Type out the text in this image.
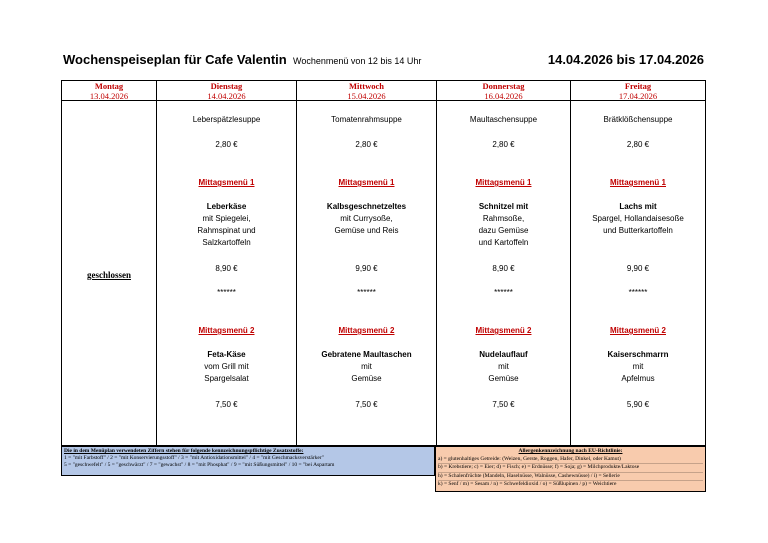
Wochenspeiseplan für Cafe Valentin Wochenmenü von 12 bis 14 Uhr	14.04.2026 bis 17.04.2026
Montag
13.04.2026
geschlossen
Dienstag
14.04.2026
Leberspätzlesuppe
2,80 €
Mittagsmenü 1
Leberkäse
mit Spiegelei,
Rahmspinat und
Salzkartoffeln
8,90 €
******
Mittagsmenü 2
Feta-Käse
vom Grill mit
Spargelsalat
7,50 €
Mittwoch
15.04.2026
Tomatenrahmsuppe
2,80 €
Mittagsmenü 1
Kalbsgeschnetzeltes
mit Currysoße,
Gemüse und Reis
9,90 €
******
Mittagsmenü 2
Gebratene Maultaschen
mit
Gemüse
7,50 €
Donnerstag
16.04.2026
Maultaschensuppe
2,80 €
Mittagsmenü 1
Schnitzel mit
Rahmsoße,
dazu Gemüse
und Kartoffeln
8,90 €
******
Mittagsmenü 2
Nudelauflauf
mit
Gemüse
7,50 €
Freitag
17.04.2026
Brätklößchensuppe
2,80 €
Mittagsmenü 1
Lachs mit
Spargel, Hollandaisesoße
und Butterkartoffeln
9,90 €
******
Mittagsmenü 2
Kaiserschmarrn
mit
Apfelmus
5,90 €
Die in dem Menüplan verwendeten Ziffern stehen für folgende kennzeichnungspflichtige Zusatzstoffe:
1 = "mit Farbstoff" / 2 = "mit Konservierungsstoff" / 3 = "mit Antioxidationsmittel" / 4 = "mit Geschmacksverstärker"
5 = "geschwefelt" / 5 = "geschwärzt" / 7 = "gewachst" / 8 = "mit Phosphat" / 9 = "mit Süßungsmittel" / 10 = "bei Aspartam
Allergenkennzeichnung nach EU-Richtlinie:
a) = glutenhaltiges Getreide: (Weizen, Gerste, Roggen, Hafer, Dinkel, oder Kamut)
b) = Krebstiere; c) = Eier; d) = Fisch; e) = Erdnüsse; f) = Soja; g) = Milchprodukte/Laktose
h) = Schalenfrüchte (Mandeln, Haselnüsse, Walnüsse, Cashewnüsse) / i) = Sellerie
k) = Senf / m) = Sesam / n) = Schwefeldioxid / o) = Süßlupinen / p) = Weichtiere
